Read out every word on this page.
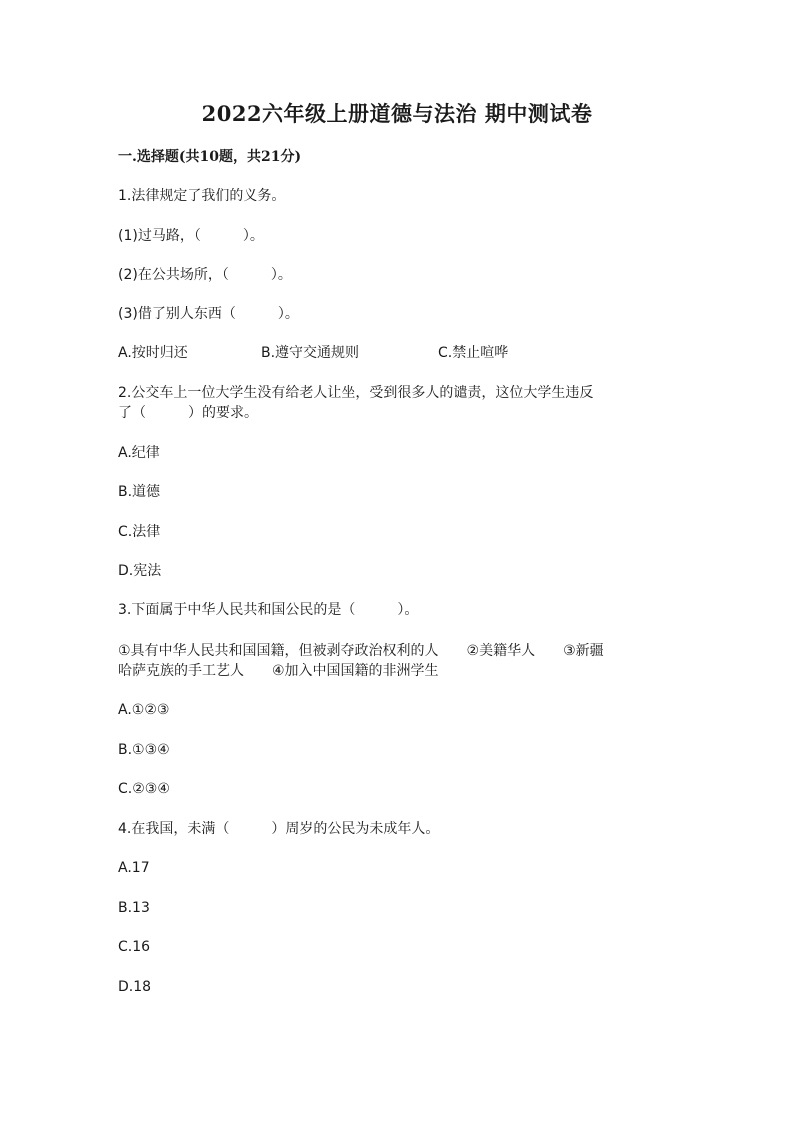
2022六年级上册道德与法治 期中测试卷
一.选择题(共10题，共21分)
1.法律规定了我们的义务。
(1)过马路，（　　　）。
(2)在公共场所，（　　　）。
(3)借了别人东西（　　　）。
A.按时归还	B.遵守交通规则	C.禁止喧哗
2.公交车上一位大学生没有给老人让坐，受到很多人的谴责，这位大学生违反
了（　　　）的要求。
A.纪律
B.道德
C.法律
D.宪法
3.下面属于中华人民共和国公民的是（　　　）。
①具有中华人民共和国国籍，但被剥夺政治权利的人　　②美籍华人　　③新疆
哈萨克族的手工艺人　　④加入中国国籍的非洲学生
A.①②③
B.①③④
C.②③④
4.在我国，未满（　　　）周岁的公民为未成年人。
A.17
B.13
C.16
D.18
